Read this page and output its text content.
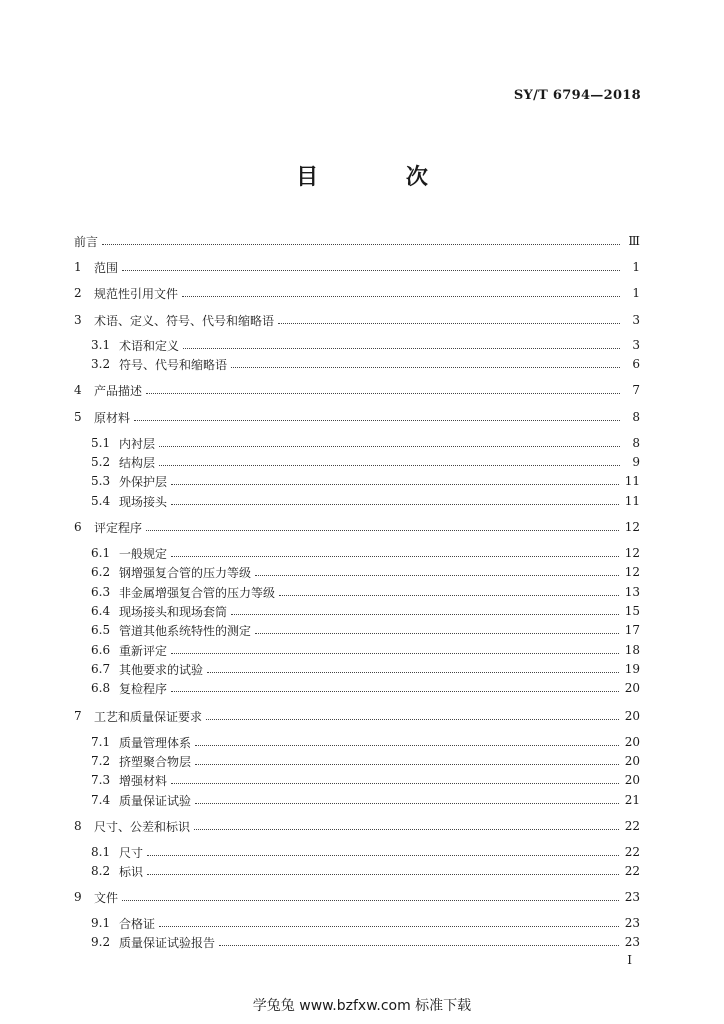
SY/T 6794—2018
目 次
前言	Ⅲ
1	范围	1
2	规范性引用文件	1
3	术语、定义、符号、代号和缩略语	3
3.1 术语和定义	3
3.2 符号、代号和缩略语	6
4	产品描述	7
5	原材料	8
5.1 内衬层	8
5.2 结构层	9
5.3 外保护层	11
5.4 现场接头	11
6	评定程序	12
6.1 一般规定	12
6.2 钢增强复合管的压力等级	12
6.3 非金属增强复合管的压力等级	13
6.4 现场接头和现场套筒	15
6.5 管道其他系统特性的测定	17
6.6 重新评定	18
6.7 其他要求的试验	19
6.8 复检程序	20
7	工艺和质量保证要求	20
7.1 质量管理体系	20
7.2 挤塑聚合物层	20
7.3 增强材料	20
7.4 质量保证试验	21
8	尺寸、公差和标识	22
8.1 尺寸	22
8.2 标识	22
9	文件	23
9.1 合格证	23
9.2 质量保证试验报告	23
I
学兔兔 www.bzfxw.com 标准下载
